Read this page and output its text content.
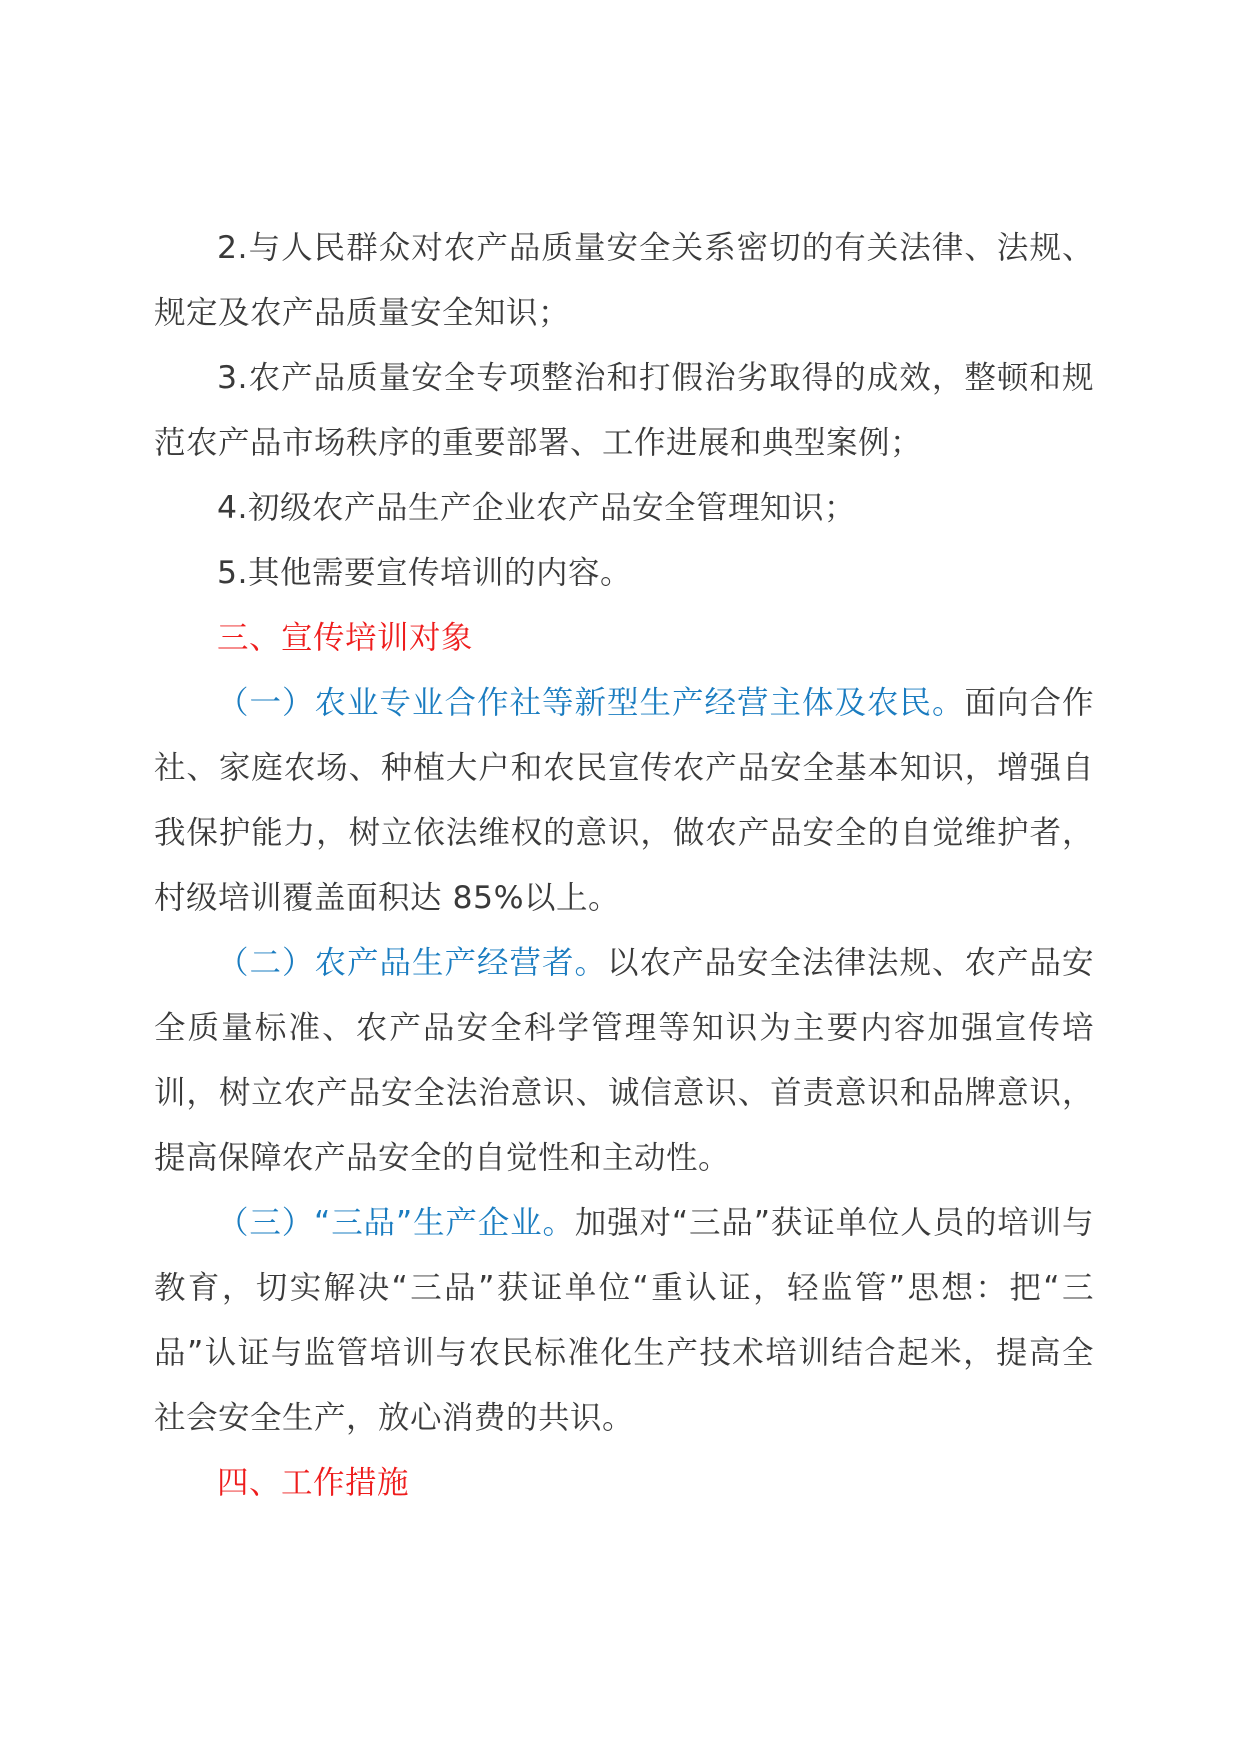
2.与人民群众对农产品质量安全关系密切的有关法律、法规、规定及农产品质量安全知识；

3.农产品质量安全专项整治和打假治劣取得的成效，整顿和规范农产品市场秩序的重要部署、工作进展和典型案例；

4.初级农产品生产企业农产品安全管理知识；

5.其他需要宣传培训的内容。

三、宣传培训对象

（一）农业专业合作社等新型生产经营主体及农民。面向合作社、家庭农场、种植大户和农民宣传农产品安全基本知识，增强自我保护能力，树立依法维权的意识，做农产品安全的自觉维护者，村级培训覆盖面积达 85%以上。

（二）农产品生产经营者。以农产品安全法律法规、农产品安全质量标准、农产品安全科学管理等知识为主要内容加强宣传培训，树立农产品安全法治意识、诚信意识、首责意识和品牌意识，提高保障农产品安全的自觉性和主动性。

（三）“三品”生产企业。加强对“三品”获证单位人员的培训与教育，切实解决“三品”获证单位“重认证，轻监管”思想：把“三品”认证与监管培训与农民标准化生产技术培训结合起米，提高全社会安全生产，放心消费的共识。

四、工作措施
